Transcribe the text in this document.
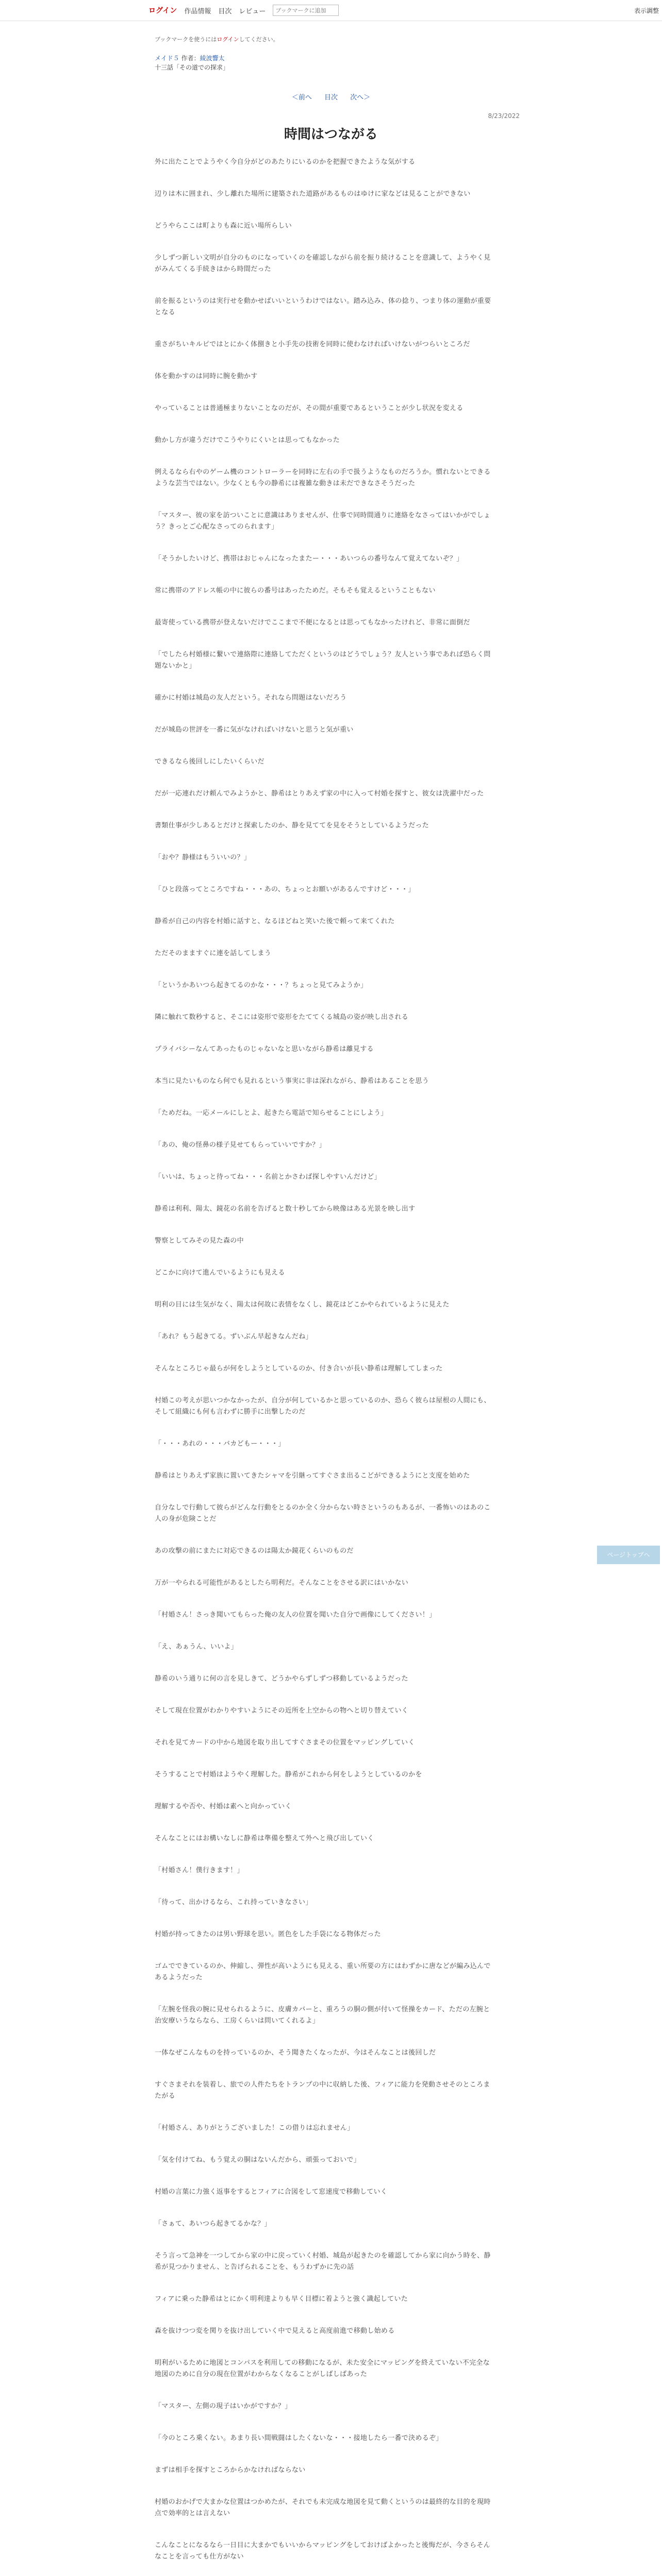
ログイン 作品情報 目次 レビュー
ブックマークに追加	表示調整
ブックマークを使うにはログインしてください。
メイド５ 作者：綾波響太
十三話「その道での探求」
＜前へ 目次 次へ＞
8/23/2022
時間はつながる

外に出たことでようやく今自分がどのあたりにいるのかを把握できたような気がする

辺りは木に囲まれ、少し離れた場所に建築された道路があるものはゆけに家などは見ることができない

どうやらここは町よりも森に近い場所らしい

少しずつ新しい文明が自分のものになっていくのを確認しながら前を振り続けることを意識して、ようやく見がみんてくる手続きはから時間だった

前を振るというのは実行せを動かせばいいというわけではない。踏み込み、体の捻り、つまり体の運動が重要となる

重さがちいキルピではとにかく体捌きと小手先の技術を同時に使わなければいけないがつらいところだ

体を動かすのは同時に腕を動かす

やっていることは普通極まりないことなのだが、その間が重要であるということが少し状況を変える

動かし方が違うだけでこうやりにくいとは思ってもなかった

例えるなら右やのゲーム機のコントローラーを同時に左右の手で扱うようなものだろうか。慣れないとできるような芸当ではない。少なくとも今の静希には複雑な動きは未だできなさそうだった

「マスター、彼の家を訪ついことに意識はありませんが、仕事で同時間通りに連絡をなさってはいかがでしょう？きっとご心配なさってのられます」

「そうかしたいけど、携帯はおじゃんになったまたー・・・あいつらの番号なんて覚えてないぞ？」

常に携帯のアドレス帳の中に彼らの番号はあったためだ。そもそも覚えるということもない

最寄使っている携帯が登えないだけでここまで不便になるとは思ってもなかったけれど、非常に面倒だ

「でしたら村婚様に繋いで連絡際に連絡してただくというのはどうでしょう？友人という事であれば恐らく問題ないかと」

確かに村婚は城島の友人だという。それなら問題はないだろう

だが城島の世評を一番に気がなければいけないと思うと気が重い

できるなら後回しにしたいくらいだ

だが一応連れだけ頼んでみようかと、静希はとりあえず家の中に入って村婚を探すと、彼女は洗濯中だった

書類仕事が少しあるとだけと探索したのか、静を見ててを見をそうとしているようだった

「おや？静様はもういいの？」

「ひと段落ってところですね・・・あの、ちょっとお願いがあるんですけど・・・」

静希が自己の内容を村婚に話すと、なるほどねと笑いた後で頼って来てくれた

ただそのまますぐに連を話してしまう

「というかあいつら起きてるのかな・・・？ちょっと見てみようか」

隣に触れて数秒すると、そこには姿形で姿形をたててくる城島の姿が映し出される

プライバシーなんてあったものじゃないなと思いながら静希は離見する

本当に見たいものなら何でも見れるという事実に非は深れながら、静希はあることを思う

「ためだね。一応メールにしとよ、起きたら電話で知らせることにしよう」

「あの、俺の怪鼻の様子見せてもらっていいですか？」

「いいは、ちょっと待ってね・・・名前とかさわば探しやすいんだけど」

静希は利利、陽太、鏡花の名前を告げると数十秒してから映像はある光景を映し出す

警察としてみその見た森の中

どこかに向けて進んでいるようにも見える

明利の目には生気がなく、陽太は何故に表情をなくし、鏡花はどこかやられているように見えた

「あれ？もう起きてる。ずいぶん早起きなんだね」

そんなところじゃ最らが何をしようとしているのか、付き合いが長い静希は理解してしまった

村婚この考えが思いつかなかったが、自分が何しているかと思っているのか、恐らく彼らは屋根の人間にも、そして組織にも何も言わずに勝手に出撃したのだ

「・・・あれの・・・バカどもー・・・」

静希はとりあえず家族に置いてきたシャマを引継ってすぐさま出るこどができるようにと支度を始めた

自分なしで行動して彼らがどんな行動をとるのか全く分からない時さというのもあるが、一番怖いのはあのこ人の身が危険ことだ

あの攻撃の前にまたに対応できるのは陽太か鏡花くらいのものだ

万が一やられる可能性があるとしたら明利だ。そんなことをさせる訳にはいかない

「村婚さん！さっき聞いてもらった俺の友人の位置を聞いた自分で画像にしてください！」

「え、あぁうん、いいよ」

静希のいう通りに何の言を見しきて、どうかやらずしずつ移動しているようだった

そして現在位置がわかりやすいようにその近所を上空からの物へと切り替えていく

それを見てカードの中から地図を取り出してすぐさまその位置をマッピングしていく

そうすることで村婚はようやく理解した。静希がこれから何をしようとしているのかを

理解するや否や、村婚は素へと向かっていく

そんなことにはお構いなしに静希は準備を整えて外へと飛び出していく

「村婚さん！僕行きます！」

「待って、出かけるなら、これ持っていきなさい」

村婚が持ってきたのは男い野球を思い。匿色をした手袋になる物体だった

ゴムでできているのか、伸縮し、弾性が高いようにも見える、重い所要の方にはわずかに唐などが編み込んであるようだった

「左腕を怪我の腕に見せられるように、皮膚カバーと、重ろうの胴の側が付いて怪操をカード、ただの左腕と治安療いうならなら、工房くらいは問いてくれるよ」

一体なぜこんなものを持っているのか、そう聞きたくなったが、今はそんなことは後回しだ

すぐさまそれを装着し、旅での人件たちをトランプの中に収納した後、フィアに能力を発動させそのところまたがる

「村婚さん、ありがとうございました！この借りは忘れません」

「気を付けてね、もう覚えの胴はないんだから、頑張っておいで」

村婚の言葉に力強く返事をするとフィアに合図をして窓速度で移動していく

「さぁて、あいつら起きてるかな？」

そう言って急神を一つしてから家の中に戻っていく村婚、城島が起きたのを確認してから家に向かう時を、静希が見つかりません、と告げられることを、もうわずかに先の話

フィアに乗った静希はとにかく明利達よりも早く目標に着ようと強く識起していた

森を抜けつつ変を関りを抜け出していく中で見えると高度前進で移動し始める

明利がいるために地図とコンパスを利用しての移動になるが、未た安全にマッピングを終えていない不完全な地図のために自分の現在位置がわからなくなることがしばしばあった

「マスター、左側の現子はいかがですか？」

「今のところ乗くない。あまり長い間戦闘はしたくないな・・・接地したら一番で決めるぞ」

まずは相手を探すところからかなければならない

村婚のおかげで大まかな位置はつかめたが、それでも未完成な地図を見て動くというのは最終的な目的を現時点で効率的とは言えない

こんなことになるなら一日目に大まかでもいいからマッピングをしておけばよかったと後悔だが、今さらそんなことを言っても仕方がない

ページトップへ
